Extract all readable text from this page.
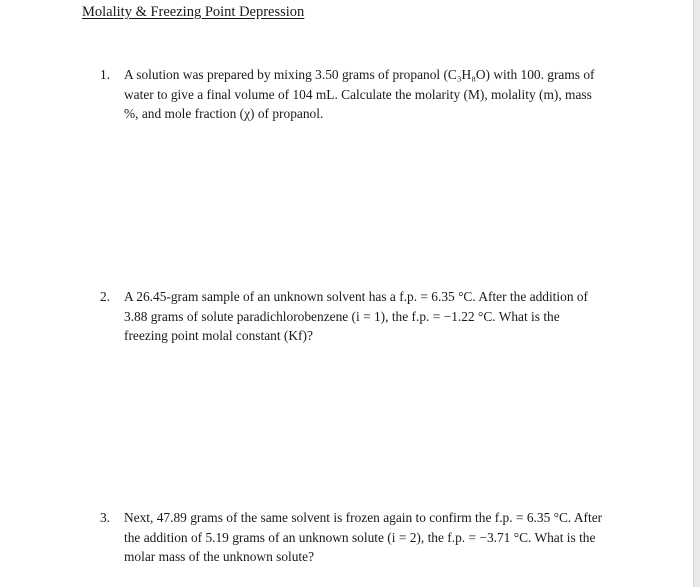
Molality & Freezing Point Depression
1.	A solution was prepared by mixing 3.50 grams of propanol (C₃H₈O) with 100. grams of
water to give a final volume of 104 mL. Calculate the molarity (M), molality (m), mass
%, and mole fraction (χ) of propanol.
2.	A 26.45-gram sample of an unknown solvent has a f.p. = 6.35 °C. After the addition of
3.88 grams of solute paradichlorobenzene (i = 1), the f.p. = −1.22 °C. What is the
freezing point molal constant (Kf)?
3.	Next, 47.89 grams of the same solvent is frozen again to confirm the f.p. = 6.35 °C. After
the addition of 5.19 grams of an unknown solute (i = 2), the f.p. = −3.71 °C. What is the
molar mass of the unknown solute?
